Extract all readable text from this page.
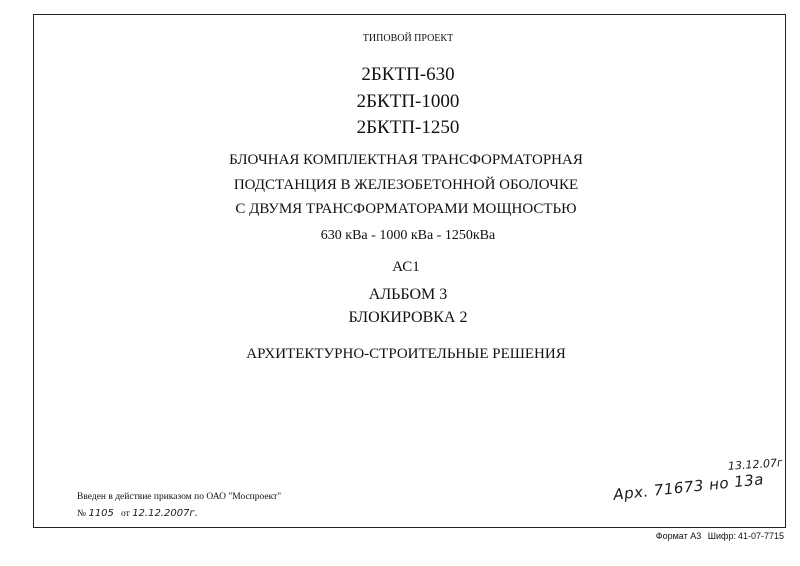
ТИПОВОЙ ПРОЕКТ
2БКТП-630
2БКТП-1000
2БКТП-1250
БЛОЧНАЯ КОМПЛЕКТНАЯ ТРАНСФОРМАТОРНАЯ
ПОДСТАНЦИЯ В ЖЕЛЕЗОБЕТОННОЙ ОБОЛОЧКЕ
С ДВУМЯ ТРАНСФОРМАТОРАМИ МОЩНОСТЬЮ
630 кВа - 1000 кВа - 1250кВа
АС1
АЛЬБОМ 3
БЛОКИРОВКА 2
АРХИТЕКТУРНО-СТРОИТЕЛЬНЫЕ РЕШЕНИЯ
13.12.07г
Арх. 71673 но 13а
Введен в действие приказом по ОАО "Моспроект"
№ 1105 от 12.12.2007г.
Формат А3 Шифр: 41-07-7715
